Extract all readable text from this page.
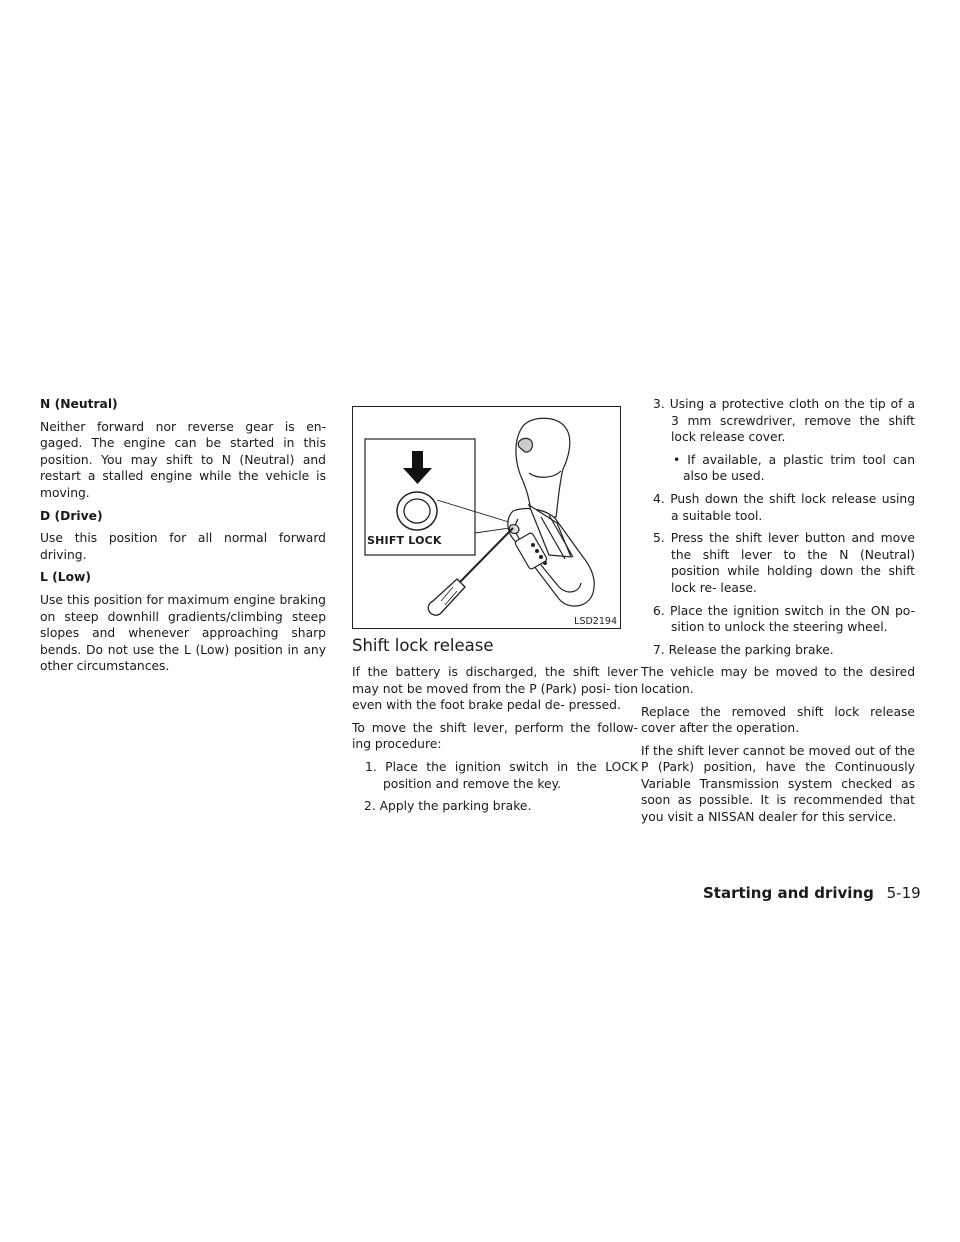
N (Neutral)

Neither forward nor reverse gear is en- gaged. The engine can be started in this position. You may shift to N (Neutral) and restart a stalled engine while the vehicle is moving.

D (Drive)

Use this position for all normal forward driving.

L (Low)

Use this position for maximum engine braking on steep downhill gradients/climbing steep slopes and whenever approaching sharp bends. Do not use the L (Low) position in any other circumstances.

SHIFT LOCK
LSD2194
Shift lock release

If the battery is discharged, the shift lever may not be moved from the P (Park) posi- tion even with the foot brake pedal de- pressed.

To move the shift lever, perform the follow- ing procedure:

1. Place the ignition switch in the LOCK position and remove the key.

2. Apply the parking brake.

3. Using a protective cloth on the tip of a 3 mm screwdriver, remove the shift lock release cover.

• If available, a plastic trim tool can also be used.

4. Push down the shift lock release using a suitable tool.

5. Press the shift lever button and move the shift lever to the N (Neutral) position while holding down the shift lock re- lease.

6. Place the ignition switch in the ON po- sition to unlock the steering wheel.

7. Release the parking brake.

The vehicle may be moved to the desired location.

Replace the removed shift lock release cover after the operation.

If the shift lever cannot be moved out of the P (Park) position, have the Continuously Variable Transmission system checked as soon as possible. It is recommended that you visit a NISSAN dealer for this service.

Starting and driving 5-19
